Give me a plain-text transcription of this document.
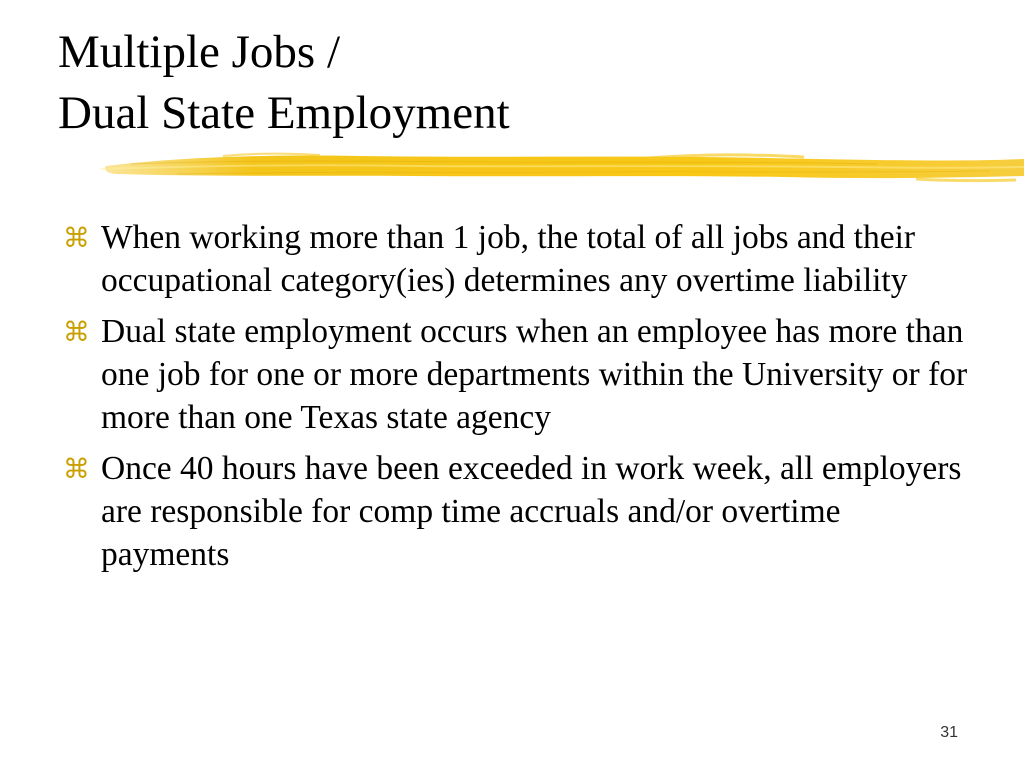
Multiple Jobs /
Dual State Employment
⌘ When working more than 1 job, the total of all jobs and their occupational category(ies) determines any overtime liability
⌘ Dual state employment occurs when an employee has more than one job for one or more departments within the University or for more than one Texas state agency
⌘ Once 40 hours have been exceeded in work week, all employers are responsible for comp time accruals and/or overtime payments
31
